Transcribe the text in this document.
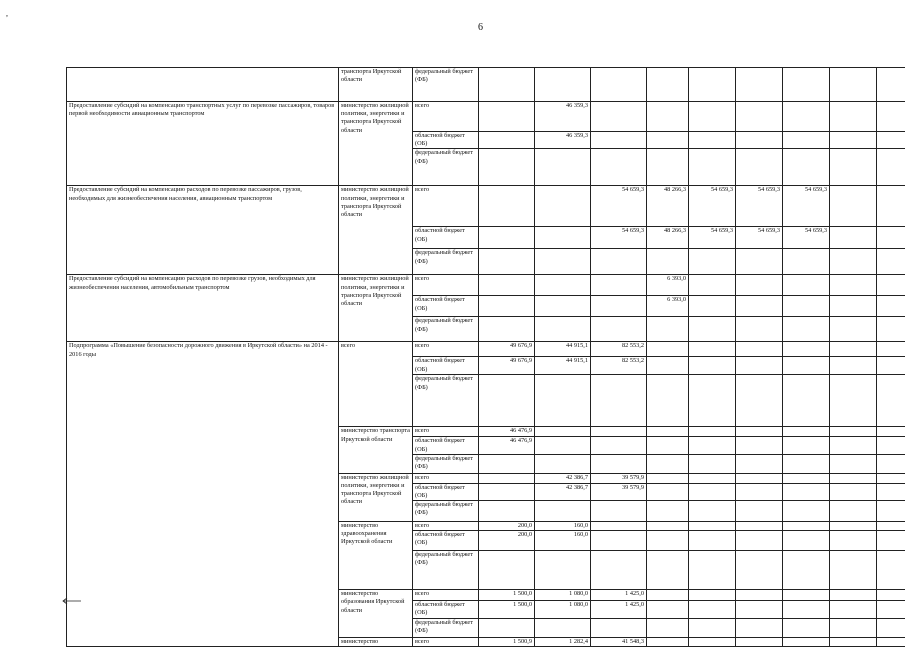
,
6
	транспорта Иркутской области	федеральный бюджет (ФБ)									
Предоставление субсидий на компенсацию транспортных услуг по перевозке пассажиров, товаров первой необходимости авиационным транспортом	министерство жилищной политики, энергетики и транспорта Иркутской области	всего		46 359,3							
		областной бюджет (ОБ)		46 359,3							
		федеральный бюджет (ФБ)									
Предоставление субсидий на компенсацию расходов по перевозке пассажиров, грузов, необходимых для жизнеобеспечения населения, авиационным транспортом	министерство жилищной политики, энергетики и транспорта Иркутской области	всего			54 659,3	48 266,3	54 659,3	54 659,3	54 659,3		
		областной бюджет (ОБ)			54 659,3	48 266,3	54 659,3	54 659,3	54 659,3		
		федеральный бюджет (ФБ)									
Предоставление субсидий на компенсацию расходов по перевозке грузов, необходимых для жизнеобеспечения населения, автомобильным транспортом	министерство жилищной политики, энергетики и транспорта Иркутской области	всего				6 393,0					
		областной бюджет (ОБ)				6 393,0					
		федеральный бюджет (ФБ)									
Подпрограмма «Повышение безопасности дорожного движения в Иркутской области» на 2014 - 2016 годы	всего	всего	49 676,9	44 915,1	82 553,2						
		областной бюджет (ОБ)	49 676,9	44 915,1	82 553,2						
		федеральный бюджет (ФБ)									
	министерство транспорта Иркутской области	всего	46 476,9								
		областной бюджет (ОБ)	46 476,9								
		федеральный бюджет (ФБ)									
	министерство жилищной политики, энергетики и транспорта Иркутской области	всего		42 386,7	39 579,9						
		областной бюджет (ОБ)		42 386,7	39 579,9						
		федеральный бюджет (ФБ)									
	министерство здравоохранения Иркутской области	всего	200,0	160,0							
		областной бюджет (ОБ)	200,0	160,0							
		федеральный бюджет (ФБ)									
	министерство образования Иркутской области	всего	1 500,0	1 080,0	1 425,0						
		областной бюджет (ОБ)	1 500,0	1 080,0	1 425,0						
		федеральный бюджет (ФБ)									
	министерство	всего	1 500,9	1 282,4	41 548,3						
